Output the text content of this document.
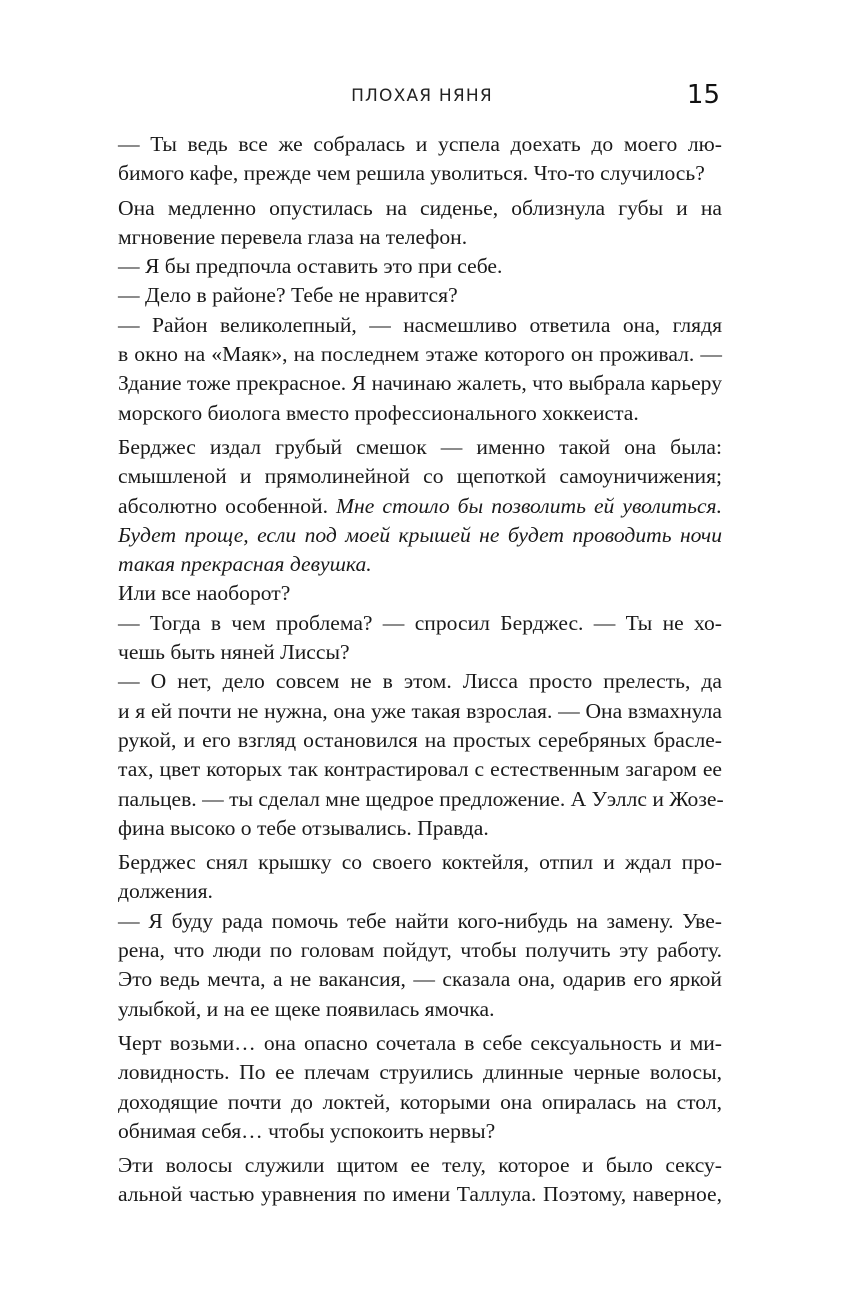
ПЛОХАЯ НЯНЯ	15
— Ты ведь все же собралась и успела доехать до моего лю-
бимого кафе, прежде чем решила уволиться. Что-то случилось?
Она медленно опустилась на сиденье, облизнула губы и на
мгновение перевела глаза на телефон.
— Я бы предпочла оставить это при себе.
— Дело в районе? Тебе не нравится?
— Район великолепный, — насмешливо ответила она, глядя
в окно на «Маяк», на последнем этаже которого он проживал. —
Здание тоже прекрасное. Я начинаю жалеть, что выбрала карьеру
морского биолога вместо профессионального хоккеиста.
Берджес издал грубый смешок — именно такой она была:
смышленой и прямолинейной со щепоткой самоуничижения;
абсолютно особенной. Мне стоило бы позволить ей уволиться.
Будет проще, если под моей крышей не будет проводить ночи
такая прекрасная девушка.
Или все наоборот?
— Тогда в чем проблема? — спросил Берджес. — Ты не хо-
чешь быть няней Лиссы?
— О нет, дело совсем не в этом. Лисса просто прелесть, да
и я ей почти не нужна, она уже такая взрослая. — Она взмахнула
рукой, и его взгляд остановился на простых серебряных брасле-
тах, цвет которых так контрастировал с естественным загаром ее
пальцев. — ты сделал мне щедрое предложение. А Уэллс и Жозе-
фина высоко о тебе отзывались. Правда.
Берджес снял крышку со своего коктейля, отпил и ждал про-
должения.
— Я буду рада помочь тебе найти кого-нибудь на замену. Уве-
рена, что люди по головам пойдут, чтобы получить эту работу.
Это ведь мечта, а не вакансия, — сказала она, одарив его яркой
улыбкой, и на ее щеке появилась ямочка.
Черт возьми… она опасно сочетала в себе сексуальность и ми-
ловидность. По ее плечам струились длинные черные волосы,
доходящие почти до локтей, которыми она опиралась на стол,
обнимая себя… чтобы успокоить нервы?
Эти волосы служили щитом ее телу, которое и было сексу-
альной частью уравнения по имени Таллула. Поэтому, наверное,
